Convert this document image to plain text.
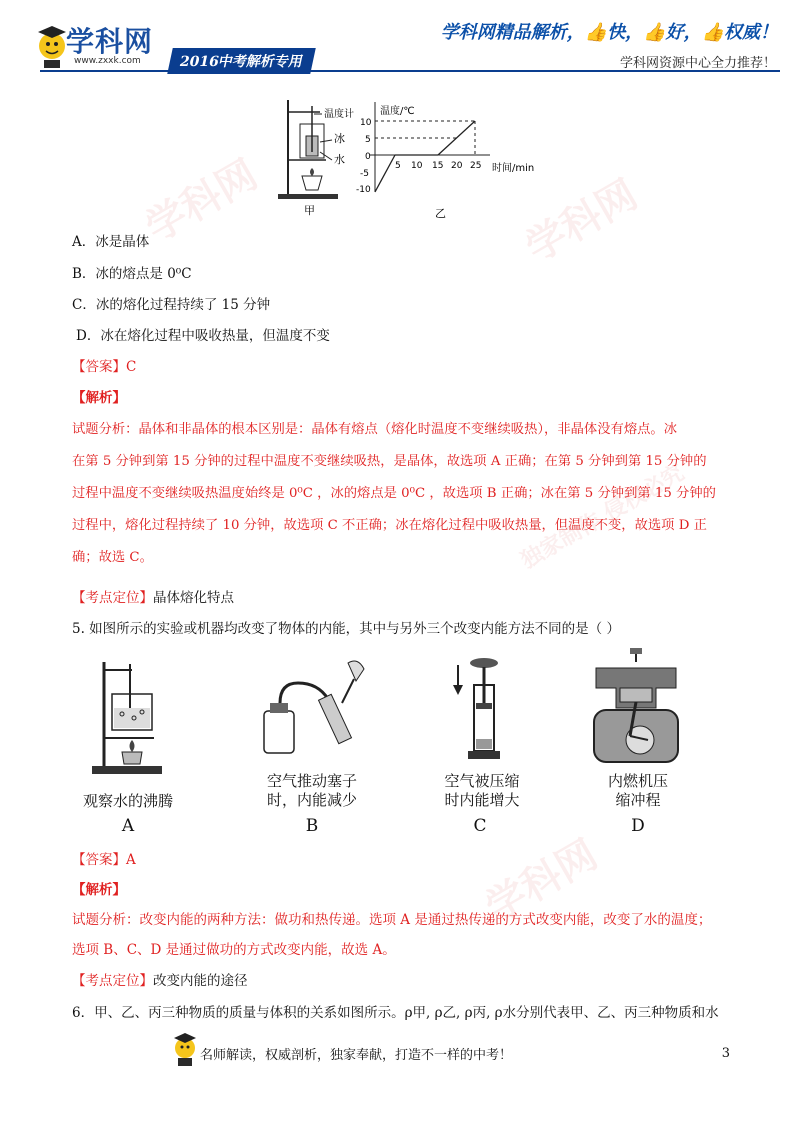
学科网	学科网
独家制作 侵权必究
学科网
学科网
www.zxxk.com	2016中考解析专用
学科网精品解析，👍快，👍好，👍权威！
学科网资源中心全力推荐！
温度计
冰
水
甲
温度/℃
时间/min
10
5
0
-5
-10
5 10 15 20 25
乙
A．冰是晶体
B．冰的熔点是 0⁰C
C．冰的熔化过程持续了 15 分钟
D．冰在熔化过程中吸收热量，但温度不变
【答案】C
【解析】
试题分析：晶体和非晶体的根本区别是：晶体有熔点（熔化时温度不变继续吸热），非晶体没有熔点。冰
在第 5 分钟到第 15 分钟的过程中温度不变继续吸热，是晶体，故选项 A 正确；在第 5 分钟到第 15 分钟的
过程中温度不变继续吸热温度始终是 0⁰C ，冰的熔点是 0⁰C ，故选项 B 正确；冰在第 5 分钟到第 15 分钟的
过程中，熔化过程持续了 10 分钟，故选项 C 不正确；冰在熔化过程中吸收热量，但温度不变，故选项 D 正
确；故选 C。
【考点定位】晶体熔化特点
5. 如图所示的实验或机器均改变了物体的内能，其中与另外三个改变内能方法不同的是（ ）
观察水的沸腾
A
空气推动塞子
时，内能减少
B
空气被压缩
时内能增大
C
内燃机压
缩冲程
D
【答案】A
【解析】
试题分析：改变内能的两种方法：做功和热传递。选项 A 是通过热传递的方式改变内能，改变了水的温度；
选项 B、C、D 是通过做功的方式改变内能，故选 A。
【考点定位】改变内能的途径
6．甲、乙、丙三种物质的质量与体积的关系如图所示。ρ甲, ρ乙, ρ丙, ρ水分别代表甲、乙、丙三种物质和水
名师解读，权威剖析，独家奉献，打造不一样的中考！	3
